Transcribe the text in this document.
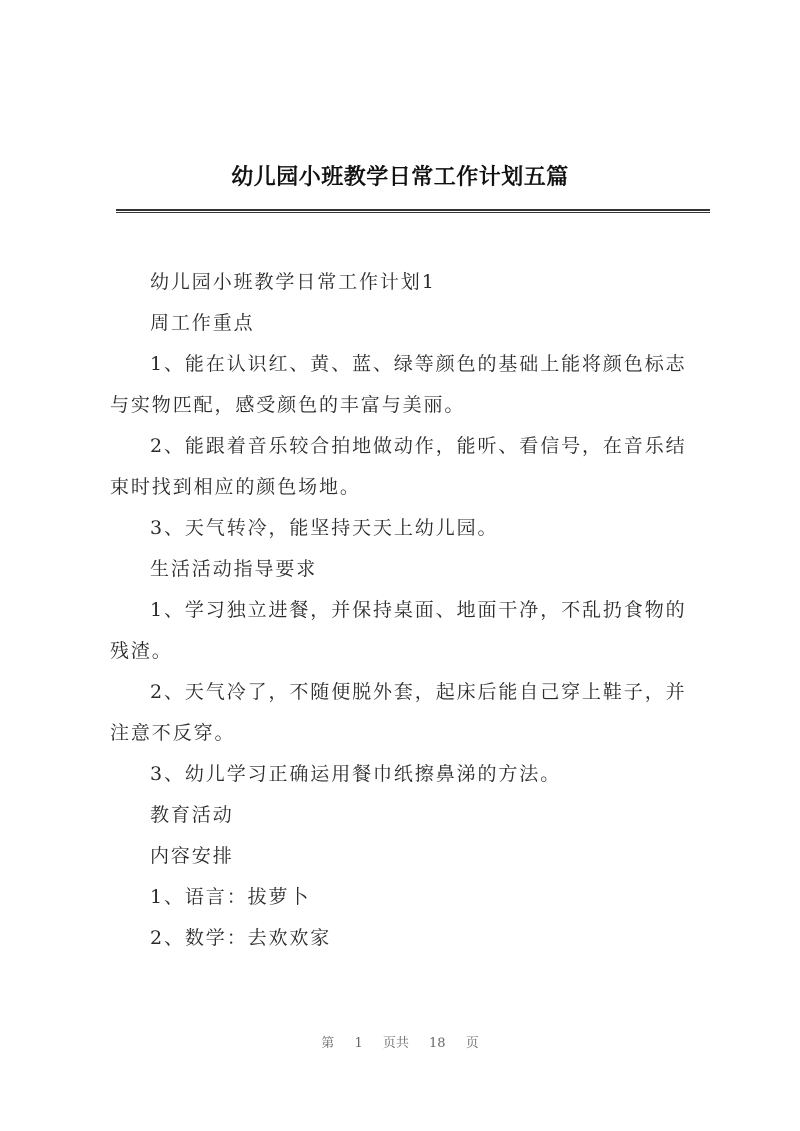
幼儿园小班教学日常工作计划五篇

幼儿园小班教学日常工作计划1

周工作重点

1、能在认识红、黄、蓝、绿等颜色的基础上能将颜色标志与实物匹配，感受颜色的丰富与美丽。

2、能跟着音乐较合拍地做动作，能听、看信号，在音乐结束时找到相应的颜色场地。

3、天气转冷，能坚持天天上幼儿园。

生活活动指导要求

1、学习独立进餐，并保持桌面、地面干净，不乱扔食物的残渣。

2、天气冷了，不随便脱外套，起床后能自己穿上鞋子，并注意不反穿。

3、幼儿学习正确运用餐巾纸擦鼻涕的方法。

教育活动

内容安排

1、语言：拔萝卜

2、数学：去欢欢家

第 1 页共 18 页
